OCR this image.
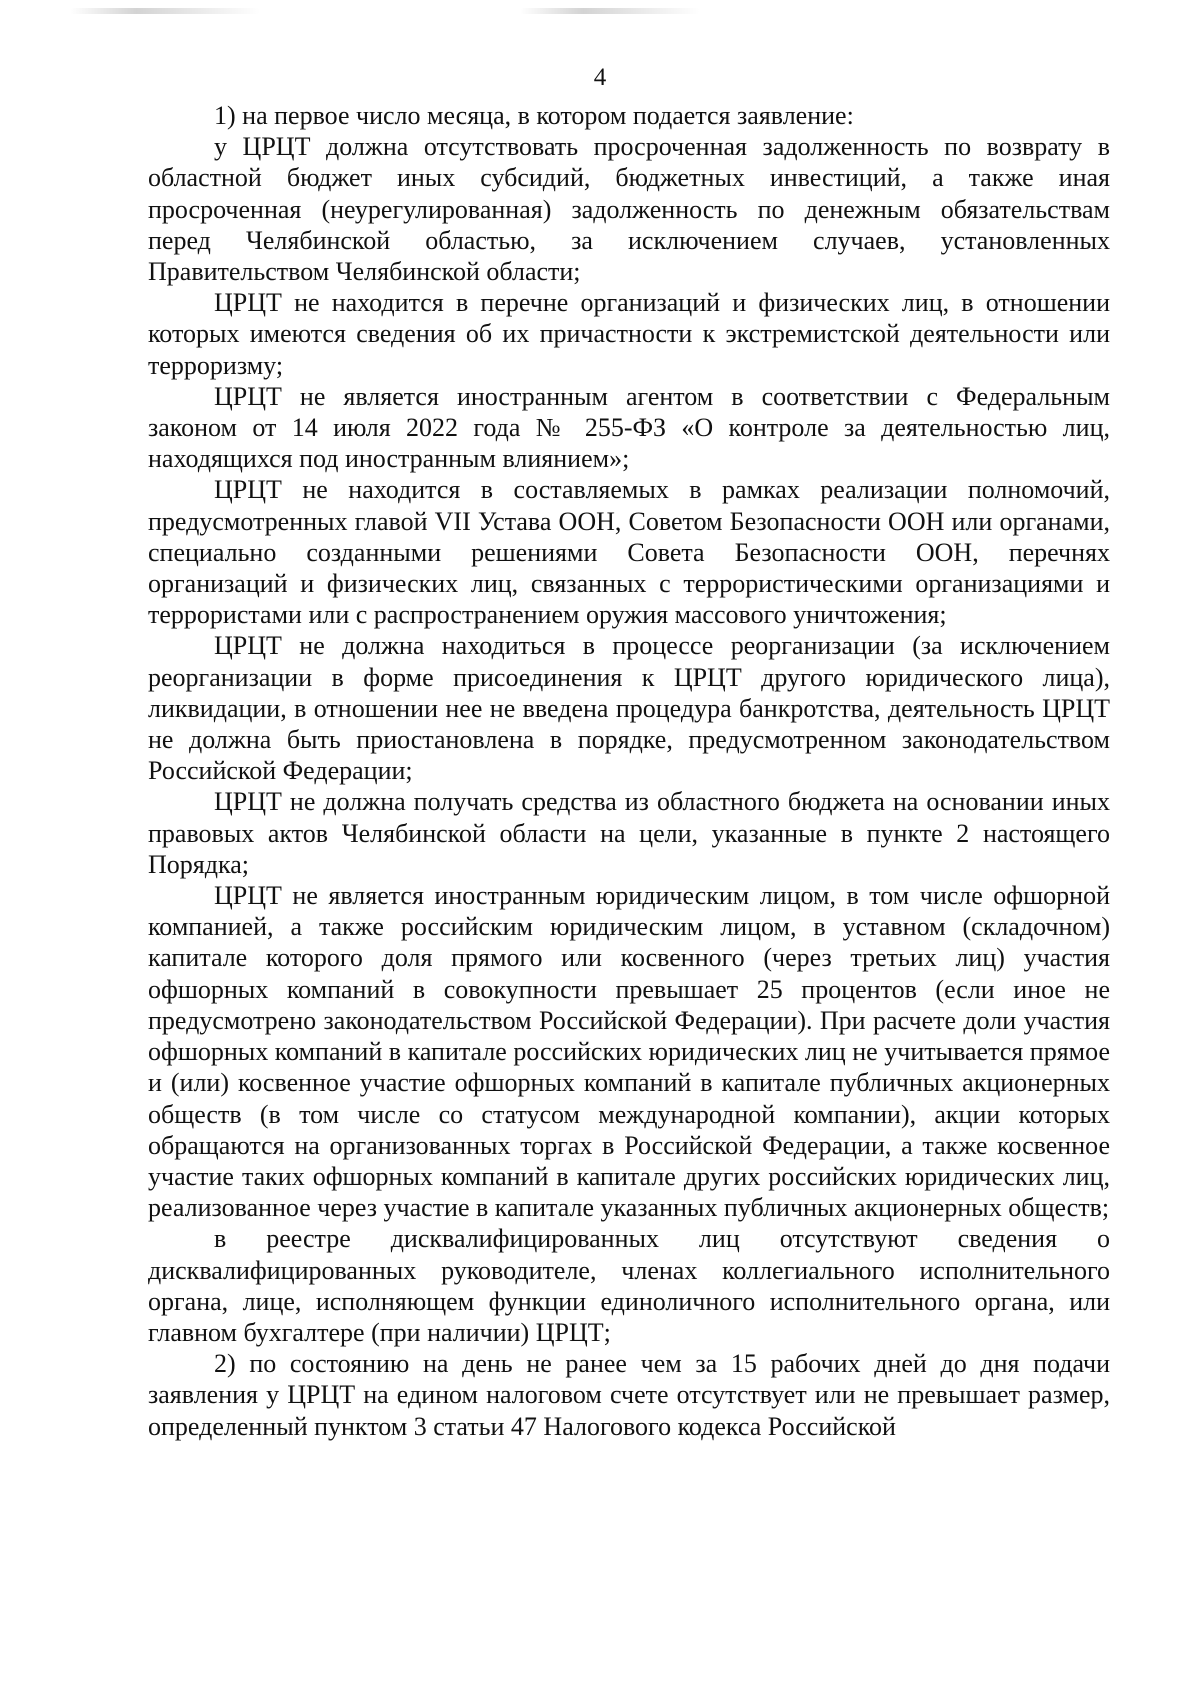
4

1) на первое число месяца, в котором подается заявление:

у ЦРЦТ должна отсутствовать просроченная задолженность по возврату в областной бюджет иных субсидий, бюджетных инвестиций, а также иная просроченная (неурегулированная) задолженность по денежным обязательствам перед Челябинской областью, за исключением случаев, установленных Правительством Челябинской области;

ЦРЦТ не находится в перечне организаций и физических лиц, в отношении которых имеются сведения об их причастности к экстремистской деятельности или терроризму;

ЦРЦТ не является иностранным агентом в соответствии с Федеральным законом от 14 июля 2022 года № 255-ФЗ «О контроле за деятельностью лиц, находящихся под иностранным влиянием»;

ЦРЦТ не находится в составляемых в рамках реализации полномочий, предусмотренных главой VII Устава ООН, Советом Безопасности ООН или органами, специально созданными решениями Совета Безопасности ООН, перечнях организаций и физических лиц, связанных с террористическими организациями и террористами или с распространением оружия массового уничтожения;

ЦРЦТ не должна находиться в процессе реорганизации (за исключением реорганизации в форме присоединения к ЦРЦТ другого юридического лица), ликвидации, в отношении нее не введена процедура банкротства, деятельность ЦРЦТ не должна быть приостановлена в порядке, предусмотренном законодательством Российской Федерации;

ЦРЦТ не должна получать средства из областного бюджета на основании иных правовых актов Челябинской области на цели, указанные в пункте 2 настоящего Порядка;

ЦРЦТ не является иностранным юридическим лицом, в том числе офшорной компанией, а также российским юридическим лицом, в уставном (складочном) капитале которого доля прямого или косвенного (через третьих лиц) участия офшорных компаний в совокупности превышает 25 процентов (если иное не предусмотрено законодательством Российской Федерации). При расчете доли участия офшорных компаний в капитале российских юридических лиц не учитывается прямое и (или) косвенное участие офшорных компаний в капитале публичных акционерных обществ (в том числе со статусом международной компании), акции которых обращаются на организованных торгах в Российской Федерации, а также косвенное участие таких офшорных компаний в капитале других российских юридических лиц, реализованное через участие в капитале указанных публичных акционерных обществ;

в реестре дисквалифицированных лиц отсутствуют сведения о дисквалифицированных руководителе, членах коллегиального исполнительного органа, лице, исполняющем функции единоличного исполнительного органа, или главном бухгалтере (при наличии) ЦРЦТ;

2) по состоянию на день не ранее чем за 15 рабочих дней до дня подачи заявления у ЦРЦТ на едином налоговом счете отсутствует или не превышает размер, определенный пунктом 3 статьи 47 Налогового кодекса Российской
